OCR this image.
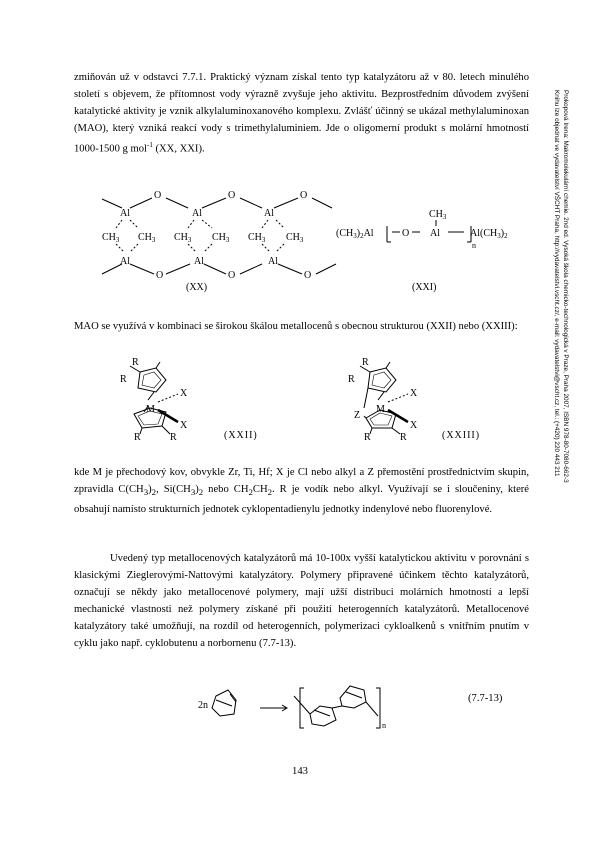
Prokopová Irena: Makromolekulární chemie. 2nd ed. Vysoká škola chemicko-technologická v Praze, Praha 2007, ISBN 978-80-7080-662-3
Knihu lze objednat ve vydavatelství VŠCHT Praha, http://vydavatelstvi.vscht.cz/, e-mail: vydavatelstvi@vscht.cz, tel.: (+420) 220 443 211

zmiňován už v odstavci 7.7.1. Praktický význam získal tento typ katalyzátoru až v 80. letech minulého století s objevem, že přítomnost vody výrazně zvyšuje jeho aktivitu. Bezprostředním důvodem zvýšení katalytické aktivity je vznik alkylaluminoxanového komplexu. Zvlášť účinný se ukázal methylaluminoxan (MAO), který vzniká reakcí vody s trimethylaluminiem. Jde o oligomerní produkt s molární hmotností 1000-1500 g mol$^{-1}$ (XX, XXI).

O	O	O
Al	Al	Al
$CH_3$ $CH_3$ $CH_3$ $CH_3$ $CH_3$ $CH_3$
Al	Al	Al
O	O	O
(XX)
$(CH_3)_2Al$	O Al
$CH_3$
n
$Al(CH_3)_2$
(XXI)

MAO se využívá v kombinaci se širokou škálou metallocenů s obecnou strukturou (XXII) nebo (XXIII):

R
R
M
X
X
R	R	(XXII)
R
R
Z
M
X
X
R	R	(XXIII)

kde M je přechodový kov, obvykle Zr, Ti, Hf; X je Cl nebo alkyl a Z přemostění prostřednictvím skupin, zpravidla $C(CH_3)_2$, $Si(CH_3)_2$ nebo $CH_2CH_2$. R je vodík nebo alkyl. Využívají se i sloučeniny, které obsahují namísto strukturních jednotek cyklopentadienylu jednotky indenylové nebo fluorenylové.

Uvedený typ metallocenových katalyzátorů má 10-100x vyšší katalytickou aktivitu v porovnání s klasickými Zieglerovými-Nattovými katalyzátory. Polymery připravené účinkem těchto katalyzátorů, označují se někdy jako metallocenové polymery, mají užší distribuci molárních hmotností a lepší mechanické vlastnosti než polymery získané při použití heterogenních katalyzátorů. Metallocenové katalyzátory také umožňují, na rozdíl od heterogenních, polymerizaci cykloalkenů s vnitřním pnutím v cyklu jako např. cyklobutenu a norbornenu (7.7-13).

2n
n
(7.7-13)
143
